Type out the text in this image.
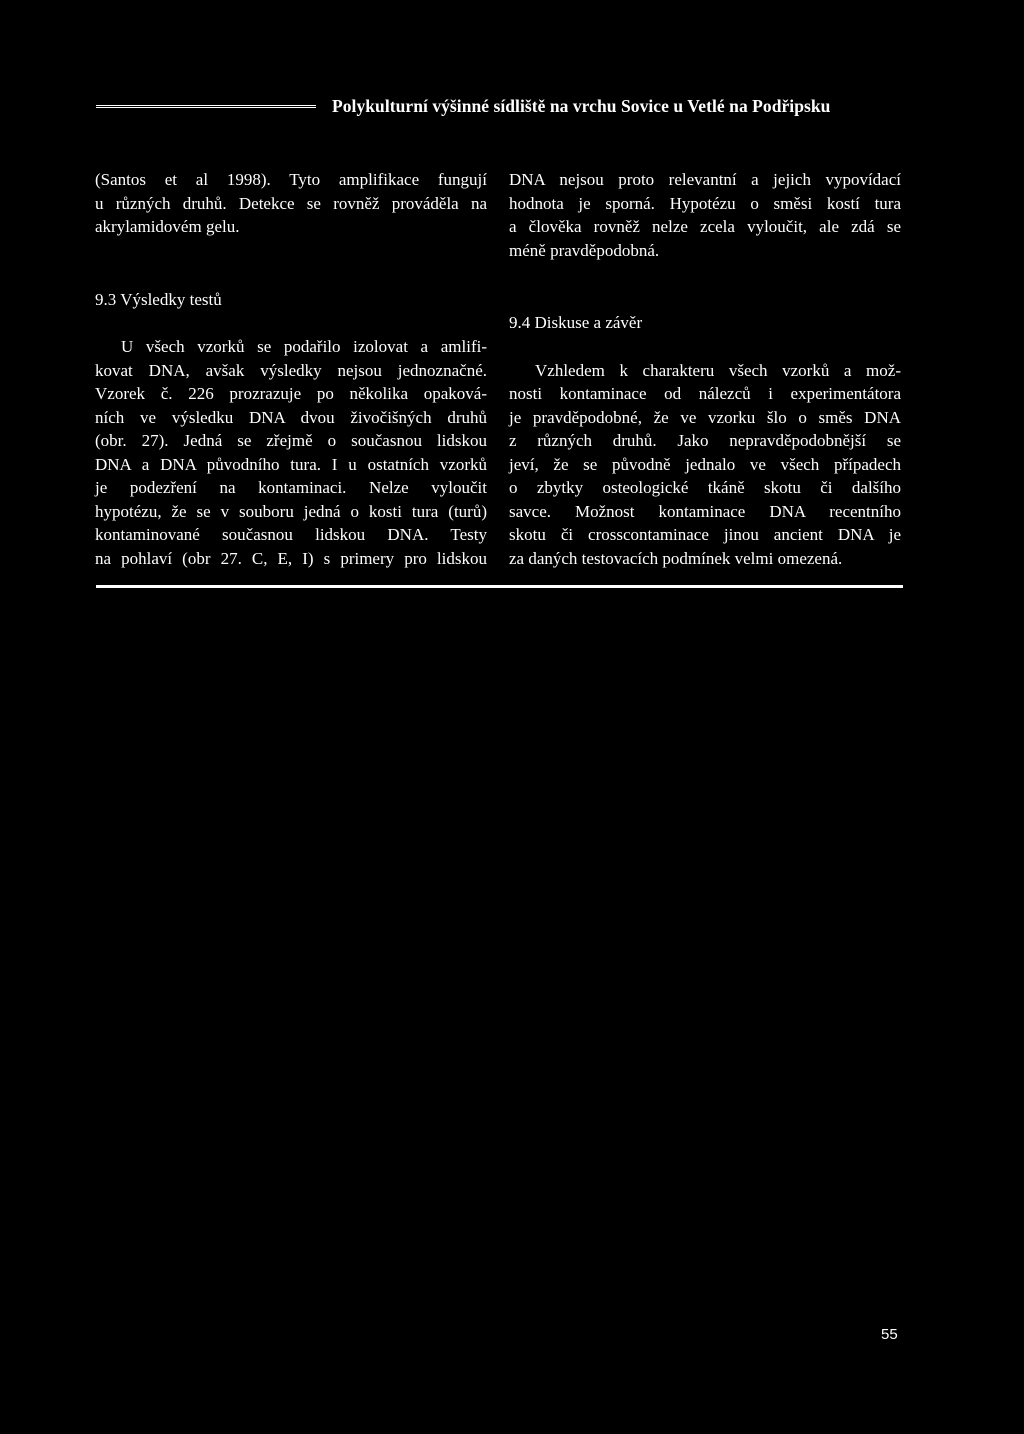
Polykulturní výšinné sídliště na vrchu Sovice u Vetlé na Podřipsku

(Santos et al 1998). Tyto amplifikace fungují
u různých druhů. Detekce se rovněž prováděla na
akrylamidovém gelu.

9.3 Výsledky testů

U všech vzorků se podařilo izolovat a amlifi-
kovat DNA, avšak výsledky nejsou jednoznačné.
Vzorek č. 226 prozrazuje po několika opaková-
ních ve výsledku DNA dvou živočišných druhů
(obr. 27). Jedná se zřejmě o současnou lidskou
DNA a DNA původního tura. I u ostatních vzorků
je podezření na kontaminaci. Nelze vyloučit
hypotézu, že se v souboru jedná o kosti tura (turů)
kontaminované současnou lidskou DNA. Testy
na pohlaví (obr 27. C, E, I) s primery pro lidskou

DNA nejsou proto relevantní a jejich vypovídací
hodnota je sporná. Hypotézu o směsi kostí tura
a člověka rovněž nelze zcela vyloučit, ale zdá se
méně pravděpodobná.

9.4 Diskuse a závěr

Vzhledem k charakteru všech vzorků a mož-
nosti kontaminace od nálezců i experimentátora
je pravděpodobné, že ve vzorku šlo o směs DNA
z různých druhů. Jako nepravděpodobnější se
jeví, že se původně jednalo ve všech případech
o zbytky osteologické tkáně skotu či dalšího
savce. Možnost kontaminace DNA recentního
skotu či crosscontaminace jinou ancient DNA je
za daných testovacích podmínek velmi omezená.

55
